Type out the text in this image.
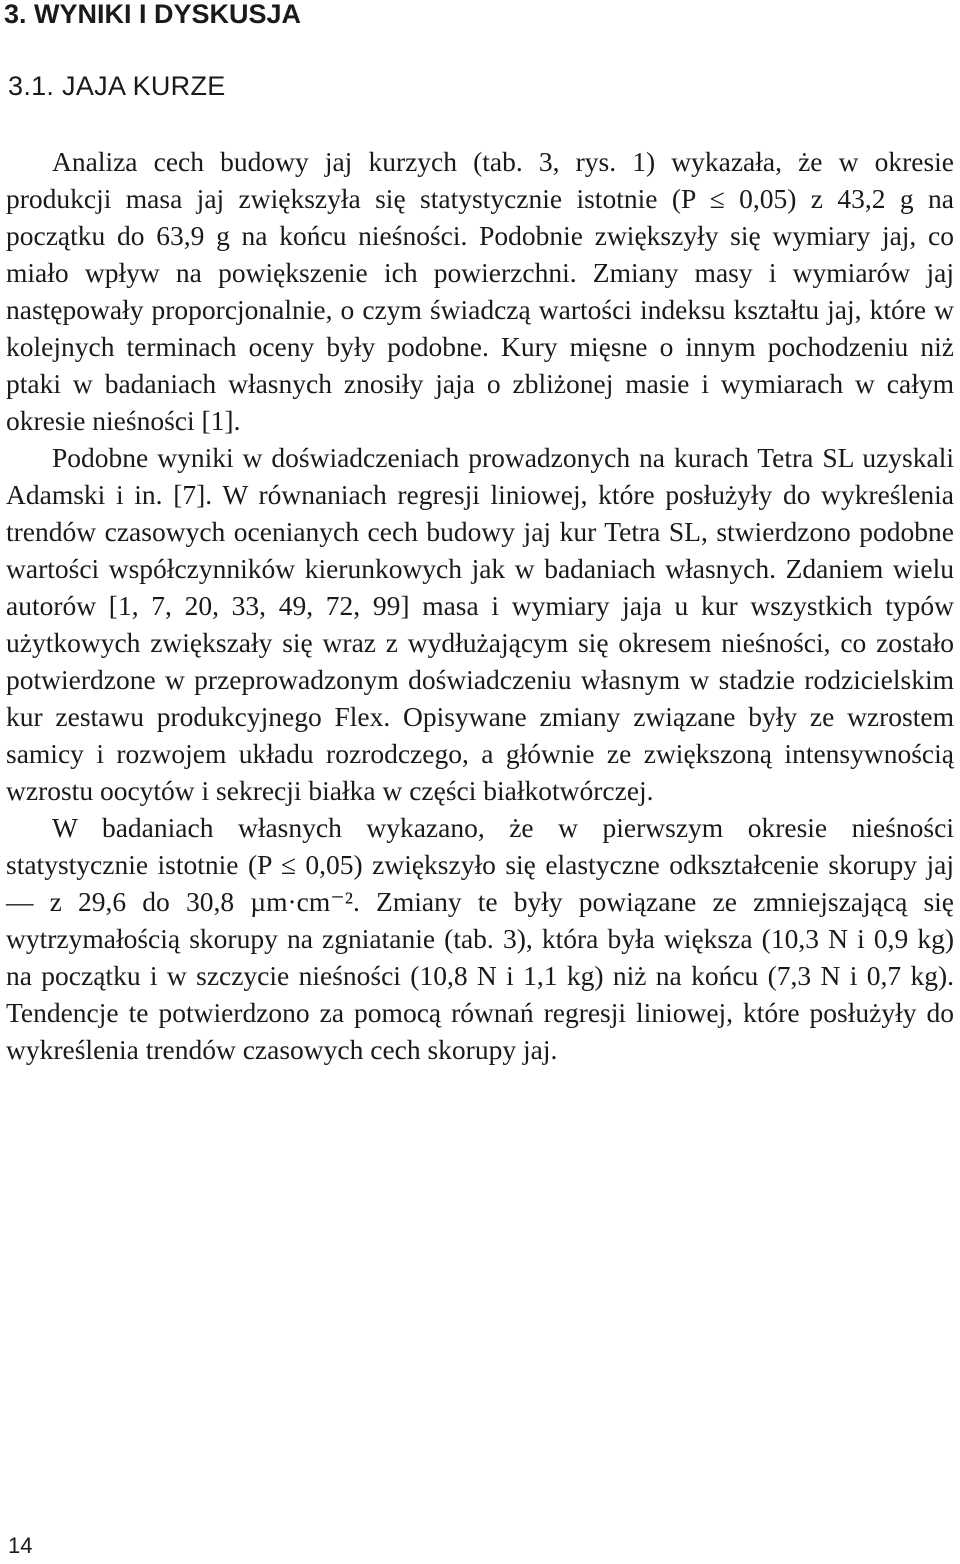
3. WYNIKI I DYSKUSJA
3.1. JAJA KURZE

Analiza cech budowy jaj kurzych (tab. 3, rys. 1) wykazała, że w okresie produkcji masa jaj zwiększyła się statystycznie istotnie (P ≤ 0,05) z 43,2 g na początku do 63,9 g na końcu nieśności. Podobnie zwiększyły się wymiary jaj, co miało wpływ na powiększenie ich powierzchni. Zmiany masy i wymiarów jaj następowały proporcjonalnie, o czym świadczą wartości indeksu kształtu jaj, które w kolejnych terminach oceny były podobne. Kury mięsne o innym pochodzeniu niż ptaki w badaniach własnych znosiły jaja o zbliżonej masie i wymiarach w całym okresie nieśności [1].

Podobne wyniki w doświadczeniach prowadzonych na kurach Tetra SL uzyskali Adamski i in. [7]. W równaniach regresji liniowej, które posłużyły do wykreślenia trendów czasowych ocenianych cech budowy jaj kur Tetra SL, stwierdzono podobne wartości współczynników kierunkowych jak w badaniach własnych. Zdaniem wielu autorów [1, 7, 20, 33, 49, 72, 99] masa i wymiary jaja u kur wszystkich typów użytkowych zwiększały się wraz z wydłużającym się okresem nieśności, co zostało potwierdzone w przeprowadzonym doświadczeniu własnym w stadzie rodzicielskim kur zestawu produkcyjnego Flex. Opisywane zmiany związane były ze wzrostem samicy i rozwojem układu rozrodczego, a głównie ze zwiększoną intensywnością wzrostu oocytów i sekrecji białka w części białkotwórczej.

W badaniach własnych wykazano, że w pierwszym okresie nieśności statystycznie istotnie (P ≤ 0,05) zwiększyło się elastyczne odkształcenie skorupy jaj — z 29,6 do 30,8 µm·cm⁻². Zmiany te były powiązane ze zmniejszającą się wytrzymałością skorupy na zgniatanie (tab. 3), która była większa (10,3 N i 0,9 kg) na początku i w szczycie nieśności (10,8 N i 1,1 kg) niż na końcu (7,3 N i 0,7 kg). Tendencje te potwierdzono za pomocą równań regresji liniowej, które posłużyły do wykreślenia trendów czasowych cech skorupy jaj.

14
